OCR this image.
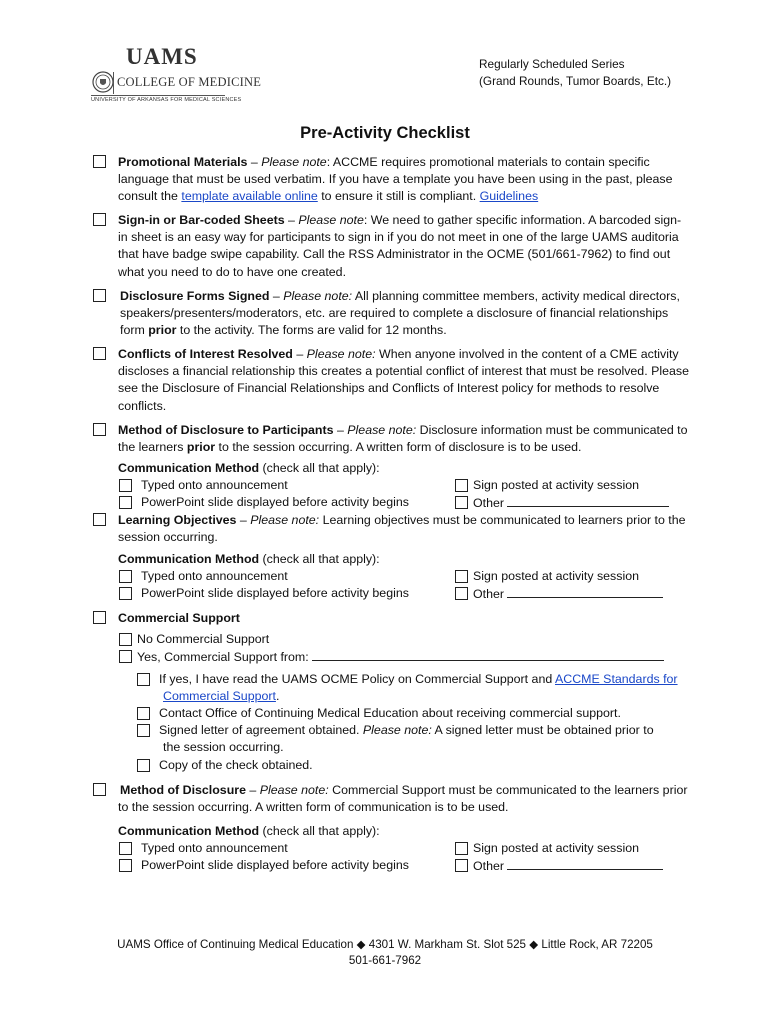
UAMS
COLLEGE OF MEDICINE
UNIVERSITY OF ARKANSAS FOR MEDICAL SCIENCES
Regularly Scheduled Series
(Grand Rounds, Tumor Boards, Etc.)
Pre-Activity Checklist
Promotional Materials – Please note: ACCME requires promotional materials to contain specific language that must be used verbatim. If you have a template you have been using in the past, please consult the template available online to ensure it still is compliant. Guidelines
Sign-in or Bar-coded Sheets – Please note: We need to gather specific information. A barcoded sign-in sheet is an easy way for participants to sign in if you do not meet in one of the large UAMS auditoria that have badge swipe capability. Call the RSS Administrator in the OCME (501/661-7962) to find out what you need to do to have one created.
Disclosure Forms Signed – Please note: All planning committee members, activity medical directors, speakers/presenters/moderators, etc. are required to complete a disclosure of financial relationships form prior to the activity. The forms are valid for 12 months.
Conflicts of Interest Resolved – Please note: When anyone involved in the content of a CME activity discloses a financial relationship this creates a potential conflict of interest that must be resolved. Please see the Disclosure of Financial Relationships and Conflicts of Interest policy for methods to resolve conflicts.
Method of Disclosure to Participants – Please note: Disclosure information must be communicated to the learners prior to the session occurring. A written form of disclosure is to be used.
Communication Method (check all that apply):
Typed onto announcement	Sign posted at activity session
PowerPoint slide displayed before activity begins	Other
Learning Objectives – Please note: Learning objectives must be communicated to learners prior to the session occurring.
Communication Method (check all that apply):
Typed onto announcement	Sign posted at activity session
PowerPoint slide displayed before activity begins	Other
Commercial Support
No Commercial Support
Yes, Commercial Support from:
If yes, I have read the UAMS OCME Policy on Commercial Support and ACCME Standards for
Commercial Support.
Contact Office of Continuing Medical Education about receiving commercial support.
Signed letter of agreement obtained. Please note: A signed letter must be obtained prior to
the session occurring.
Copy of the check obtained.
Method of Disclosure – Please note: Commercial Support must be communicated to the learners prior to the session occurring. A written form of communication is to be used.
Communication Method (check all that apply):
Typed onto announcement	Sign posted at activity session
PowerPoint slide displayed before activity begins	Other
UAMS Office of Continuing Medical Education ◆ 4301 W. Markham St. Slot 525 ◆ Little Rock, AR 72205
501-661-7962
